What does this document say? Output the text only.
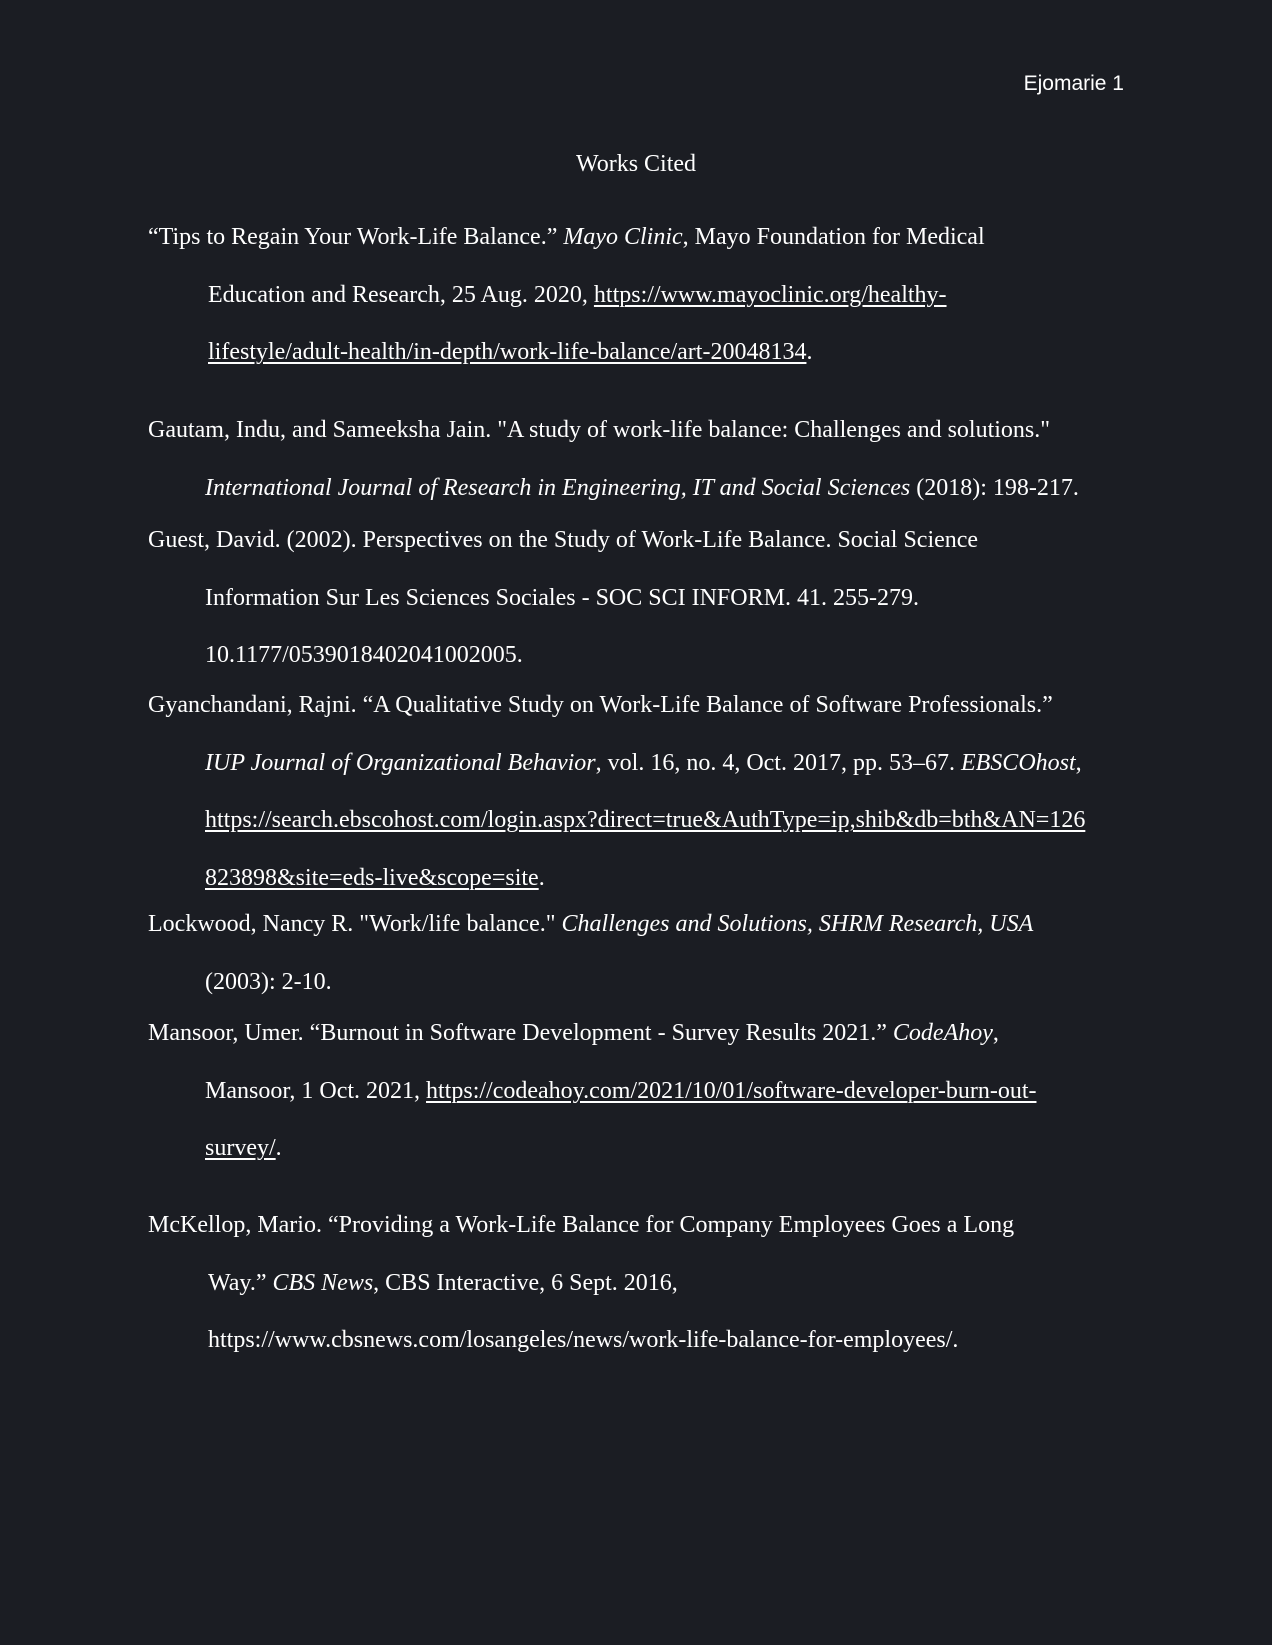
Ejomarie 1
Works Cited
“Tips to Regain Your Work-Life Balance.” Mayo Clinic, Mayo Foundation for Medical
Education and Research, 25 Aug. 2020, https://www.mayoclinic.org/healthy-
lifestyle/adult-health/in-depth/work-life-balance/art-20048134.
Gautam, Indu, and Sameeksha Jain. "A study of work-life balance: Challenges and solutions."
International Journal of Research in Engineering, IT and Social Sciences (2018): 198-217.
Guest, David. (2002). Perspectives on the Study of Work-Life Balance. Social Science
Information Sur Les Sciences Sociales - SOC SCI INFORM. 41. 255-279.
10.1177/0539018402041002005.
Gyanchandani, Rajni. “A Qualitative Study on Work-Life Balance of Software Professionals.”
IUP Journal of Organizational Behavior, vol. 16, no. 4, Oct. 2017, pp. 53–67. EBSCOhost,
https://search.ebscohost.com/login.aspx?direct=true&AuthType=ip,shib&db=bth&AN=126
823898&site=eds-live&scope=site.
Lockwood, Nancy R. "Work/life balance." Challenges and Solutions, SHRM Research, USA
(2003): 2-10.
Mansoor, Umer. “Burnout in Software Development - Survey Results 2021.” CodeAhoy,
Mansoor, 1 Oct. 2021, https://codeahoy.com/2021/10/01/software-developer-burn-out-
survey/.
McKellop, Mario. “Providing a Work-Life Balance for Company Employees Goes a Long
Way.” CBS News, CBS Interactive, 6 Sept. 2016,
https://www.cbsnews.com/losangeles/news/work-life-balance-for-employees/.
